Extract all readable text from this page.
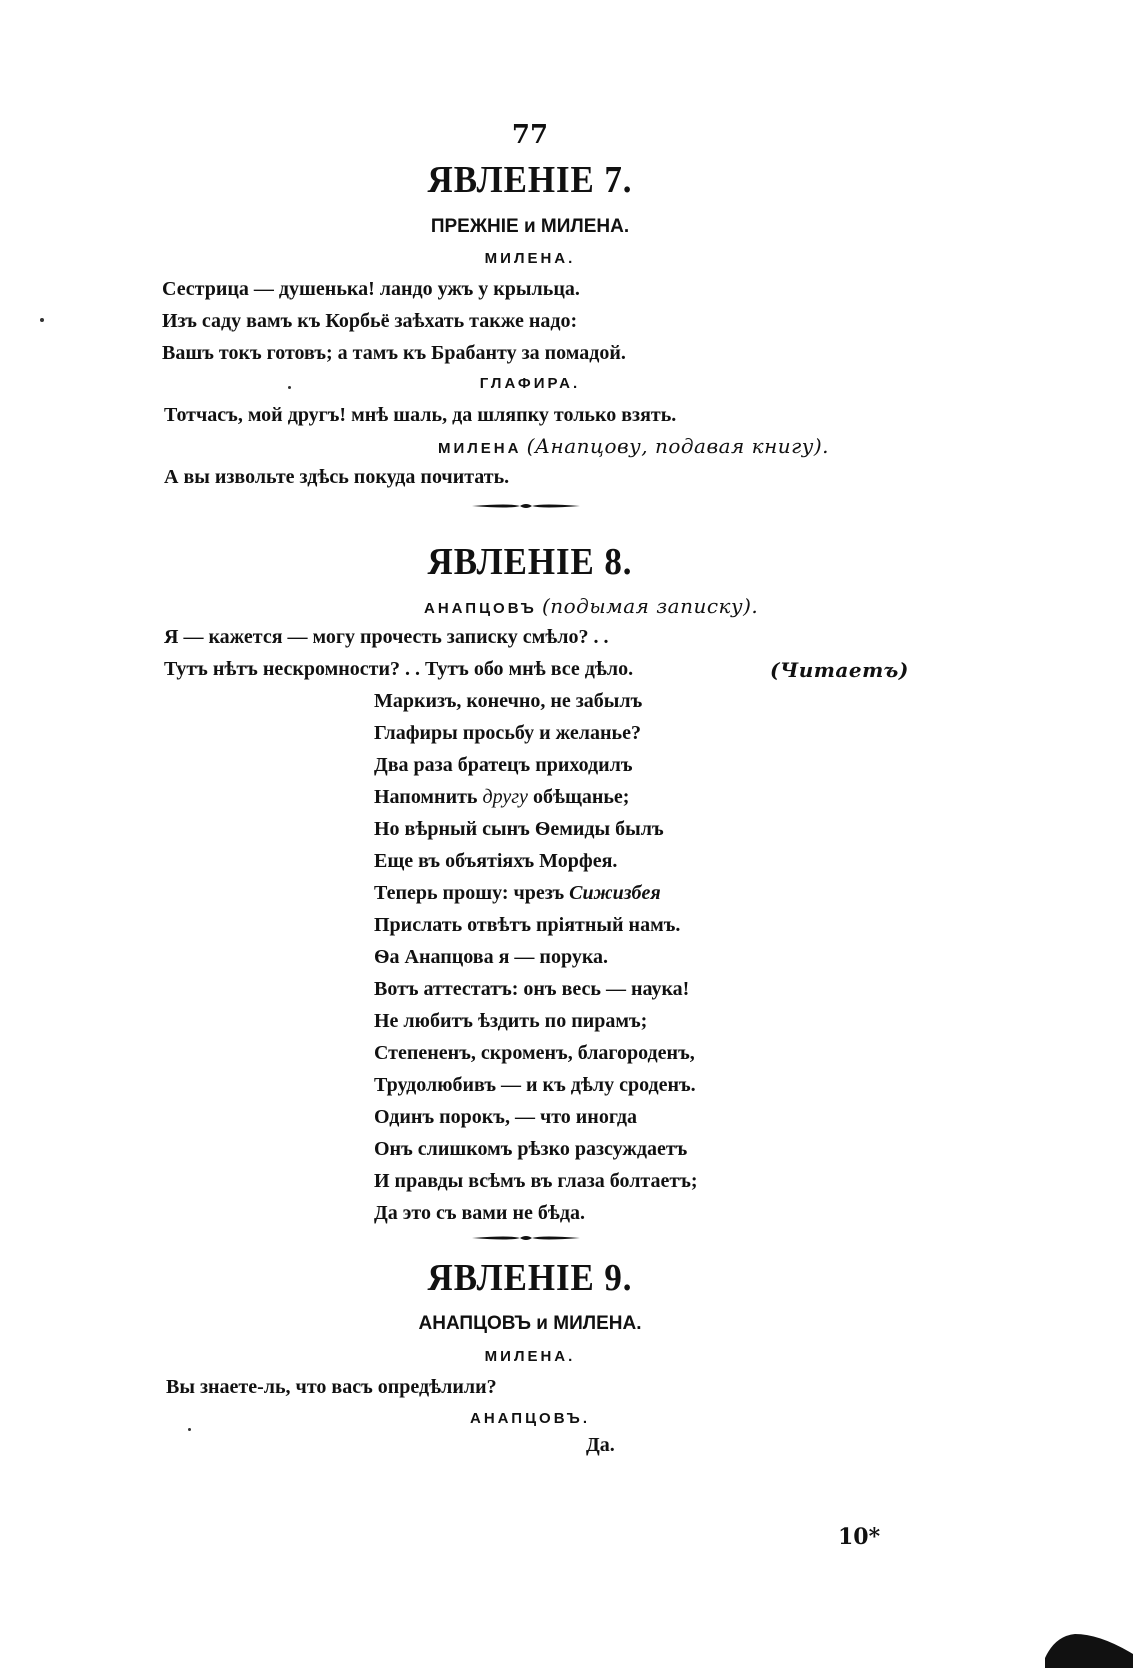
77
ЯВЛЕНІЕ 7.
ПРЕЖНІЕ и МИЛЕНА.
МИЛЕНА.
Сестрица — душенька! ландо ужъ у крыльца.
Изъ саду вамъ къ Корбьё заѣхать также надо:
Вашъ токъ готовъ; а тамъ къ Брабанту за помадой.
ГЛАФИРА.
Тотчасъ, мой другъ! мнѣ шаль, да шляпку только взять.
МИЛЕНА (Анапцову, подавая книгу).
А вы извольте здѣсь покуда почитать.
ЯВЛЕНІЕ 8.
АНАПЦОВЪ (подымая записку).
Я — кажется — могу прочесть записку смѣло? . .
Тутъ нѣтъ нескромности? . . Тутъ обо мнѣ все дѣло.	(Читаетъ)
Маркизъ, конечно, не забылъ
Глафиры просьбу и желанье?
Два раза братецъ приходилъ
Напомнить другу обѣщанье;
Но вѣрный сынъ Ѳемиды былъ
Еще въ объятіяхъ Морфея.
Теперь прошу: чрезъ Сижизбея
Прислать отвѣтъ пріятный намъ.
Ѳа Анапцова я — порука.
Вотъ аттестатъ: онъ весь — наука!
Не любитъ ѣздить по пирамъ;
Степененъ, скроменъ, благороденъ,
Трудолюбивъ — и къ дѣлу сроденъ.
Одинъ порокъ, — что иногда
Онъ слишкомъ рѣзко разсуждаетъ
И правды всѣмъ въ глаза болтаетъ;
Да это съ вами не бѣда.
ЯВЛЕНІЕ 9.
АНАПЦОВЪ и МИЛЕНА.
МИЛЕНА.
Вы знаете-ль, что васъ опредѣлили?
АНАПЦОВЪ.
Да.
10*
